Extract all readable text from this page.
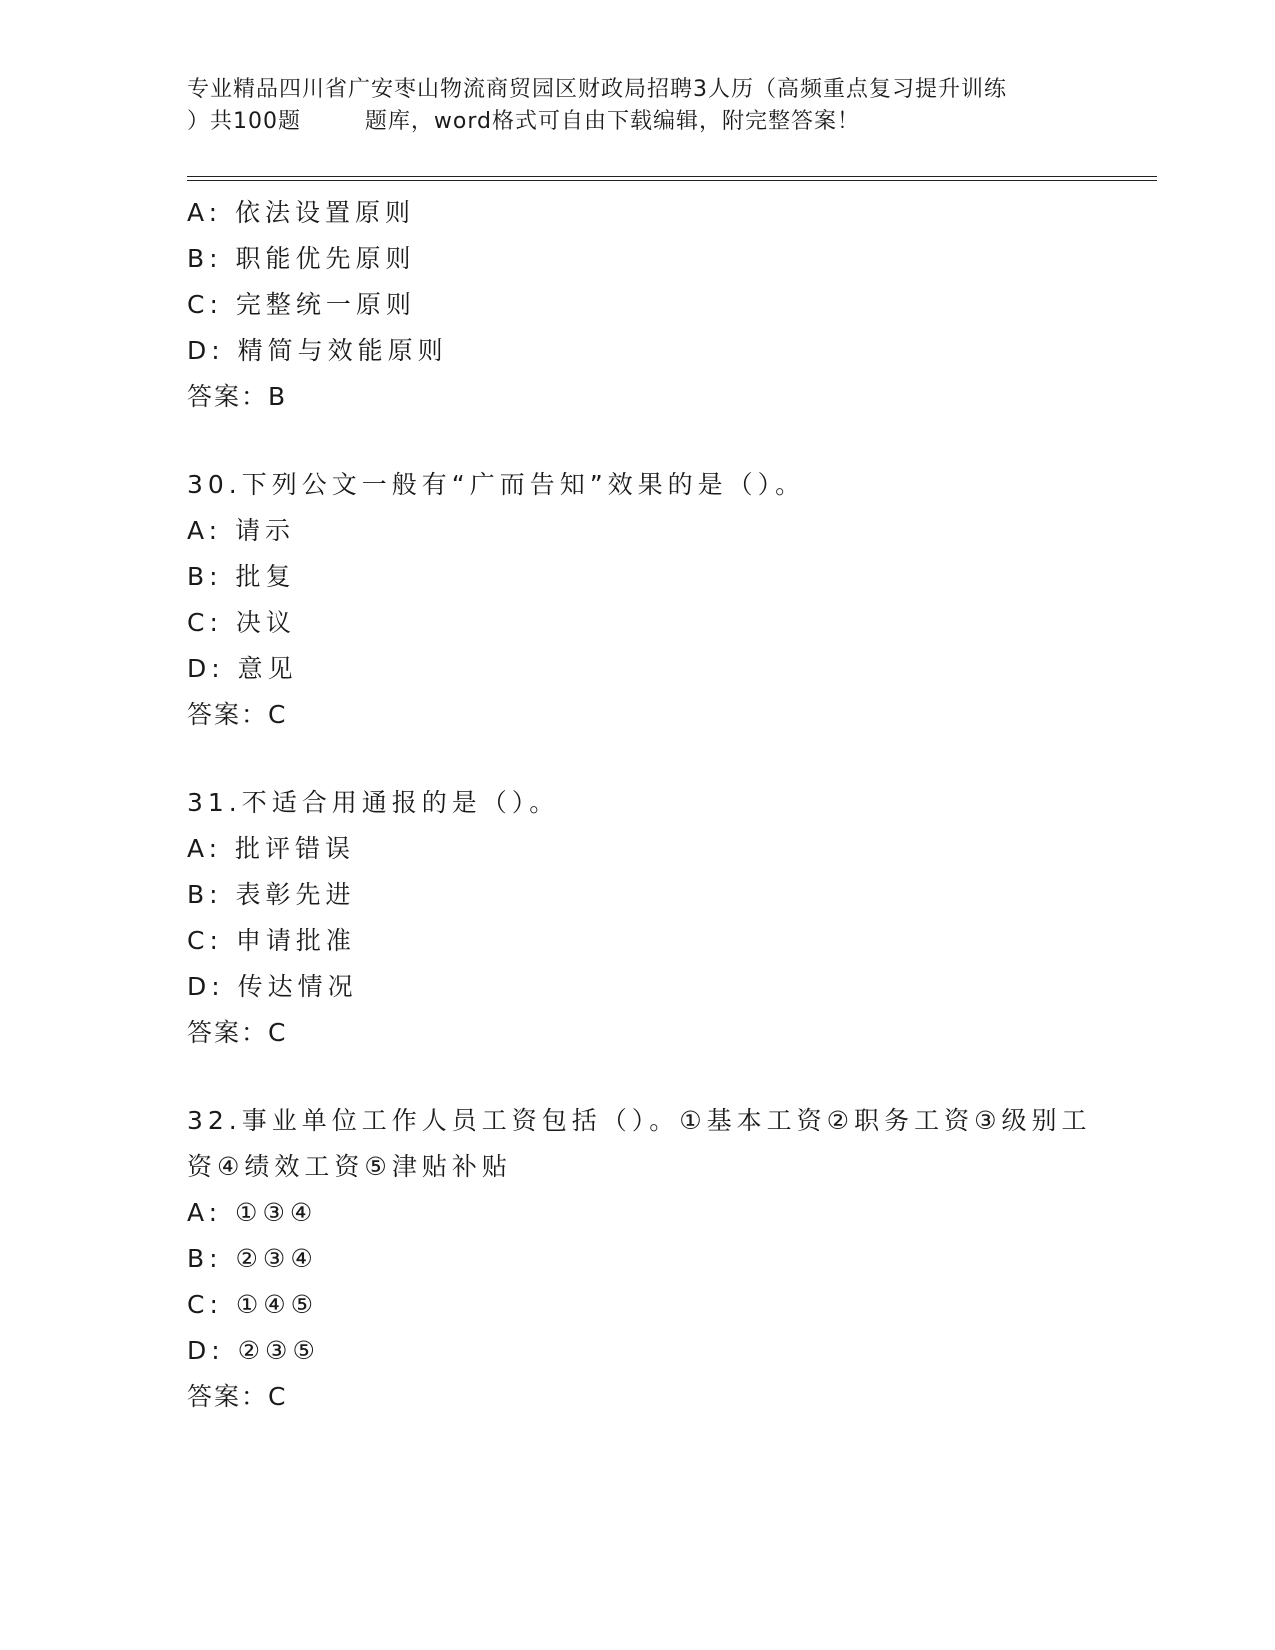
专业精品四川省广安枣山物流商贸园区财政局招聘3人历（高频重点复习提升训练
）共100题        题库，word格式可自由下载编辑，附完整答案！
A: 依法设置原则
B: 职能优先原则
C: 完整统一原则
D: 精简与效能原则
答案：B
30.下列公文一般有“广而告知”效果的是（）。
A: 请示
B: 批复
C: 决议
D: 意见
答案：C
31.不适合用通报的是（）。
A: 批评错误
B: 表彰先进
C: 申请批准
D: 传达情况
答案：C
32.事业单位工作人员工资包括（）。①基本工资②职务工资③级别工
资④绩效工资⑤津贴补贴
A: ①③④
B: ②③④
C: ①④⑤
D: ②③⑤
答案：C
